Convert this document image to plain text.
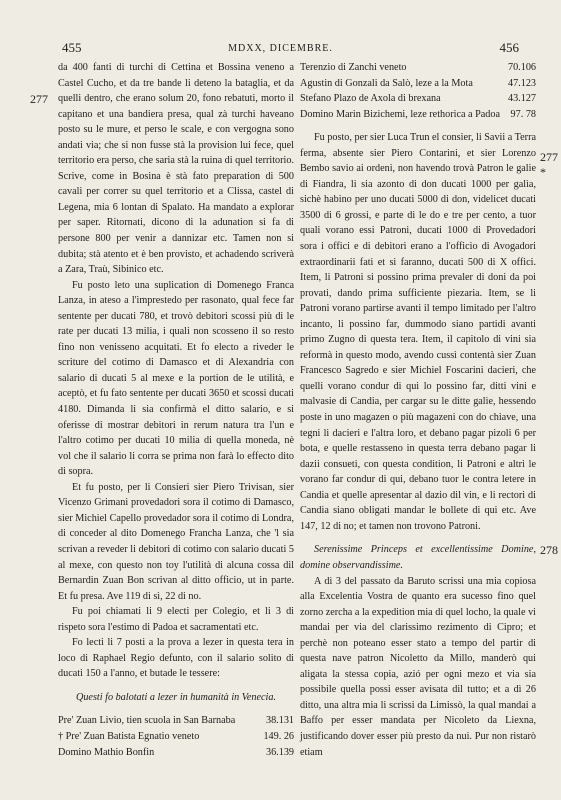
455	MDXX, DICEMBRE.	456
277
277 *
278

da 400 fanti di turchi di Cettina et Bossina veneno a Castel Cucho, et da tre bande li deteno la bataglia, et da quelli dentro, che erano solum 20, fono rebatuti, morto il capitano et una bandiera presa, qual zà turchi haveano posto su le mure, et perso le scale, e con vergogna sono andati via; che si non fusse stà la provision lui fece, quel territorio era perso, che saria stà la ruina di quel territorio. Scrive, come in Bosina è stà fato preparation di 500 cavali per correr su quel territorio et a Clissa, castel di Legena, mia 6 lontan di Spalato. Ha mandato a explorar per saper. Ritornati, dicono di la adunation si fa di persone 800 per venir a dannizar etc. Tamen non si dubita; stà atento et è ben provisto, et achadendo scriverà a Zara, Traù, Sibinico etc.

Fu posto leto una suplication di Domenego Franca Lanza, in ateso a l'imprestedo per rasonato, qual fece far sentente per ducati 780, et trovò debitori scossi più di le rate per ducati 13 milia, i quali non scosseno il so resto fino non venisseno acquitati. Et fo electo a riveder le scriture del cotimo di Damasco et di Alexandria con salario di ducati 5 al mexe e la portion de le utilità, e aceptò, et fu fato sentente per ducati 3650 et scossi ducati 4180. Dimanda li sia confirmà el ditto salario, e si oferisse di mostrar debitori in rerum natura tra l'un e l'altro cotimo per ducati 10 milia di quella moneda, nè vol che il salario li corra se prima non farà lo effecto dito di sopra.

Et fu posto, per li Consieri sier Piero Trivisan, sier Vicenzo Grimani provedadori sora il cotimo di Damasco, sier Michiel Capello provedador sora il cotimo di Londra, di conceder al dito Domenego Francha Lanza, che 'l sia scrivan a reveder li debitori di cotimo con salario ducati 5 al mexe, con questo non toy l'utilità di alcuna cossa dil Bernardin Zuan Bon scrivan al ditto officio, ut in parte. Et fu presa. Ave 119 di sì, 22 di no.

Fu poi chiamati li 9 electi per Colegio, et li 3 di rispeto sora l'estimo di Padoa et sacramentati etc.

Fo lecti li 7 posti a la prova a lezer in questa tera in loco di Raphael Regio defunto, con il salario solito di ducati 150 a l'anno, et butade le tessere:

Questi fo balotati a lezer in humanità in Venecia.

Pre' Zuan Livio, tien scuola in San Barnaba	38.131
† Pre' Zuan Batista Egnatio veneto	149. 26
Domino Mathio Bonfin	36.139
Terenzio di Zanchi veneto	70.106
Agustin di Gonzali da Salò, leze a la Mota	47.123
Stefano Plazo de Axola di brexana	43.127
Domino Marin Bizichemi, leze rethorica a Padoa	97. 78

Fu posto, per sier Luca Trun el consier, li Savii a Terra ferma, absente sier Piero Contarini, et sier Lorenzo Bembo savio ai ordeni, non havendo trovà Patron le galie di Fiandra, li sia azonto di don ducati 1000 per galìa, sichè habino per uno ducati 5000 di don, videlicet ducati 3500 di 6 grossi, e parte di le do e tre per cento, a tuor quali vorano essi Patroni, ducati 1000 di Provedadori sora i offici e di debitori erano a l'officio di Avogadori extraordinarii fati et si faranno, ducati 500 di X offici. Item, li Patroni si possino prima prevaler di doni da poi provati, dando prima sufficiente piezaria. Item, se li Patroni vorano partirse avanti il tempo limitado per l'altro incanto, li possino far, dummodo siano partidi avanti primo Zugno di questa tera. Item, il capitolo di vini sia reformà in questo modo, avendo cussì contentà sier Zuan Francesco Sagredo e sier Michiel Foscarini dacieri, che quelli vorano condur di qui lo possino far, ditti vini e malvasie di Candia, per cargar su le ditte galìe, hessendo poste in uno magazen o più magazeni con do chiave, una tegni li dacieri e l'altra loro, et debano pagar pizoli 6 per bota, e quelle restasseno in questa terra debano pagar li dazii consueti, con questa condition, li Patroni e altri le vorano far condur di qui, debano tuor le contra letere in Candia et quelle apresentar al dazio dil vin, e li rectori di Candia siano obligati mandar le bollete di qui etc. Ave 147, 12 di no; et tamen non trovono Patroni.

Serenissime Princeps et excellentissime Domine, domine observandissime.

A dì 3 del passato da Baruto scrissi una mia copiosa alla Excelentia Vostra de quanto era sucesso fino quel zorno zercha a la expedition mia di quel locho, la quale vi mandai per via del clarissimo rezimento di Cipro; et perchè non poteano esser stato a tempo del partir di questa nave patron Nicoletto da Millo, manderò qui aligata la stessa copia, azió per ogni mezo et via sia possibile quella possi esser avisata dil tutto; et a dì 26 ditto, una altra mia li scrissi da Limissò, la qual mandai a Baffo per esser mandata per Nicoleto da Liexna, justificando dover esser più presto da nui. Pur non ristarò etiam
